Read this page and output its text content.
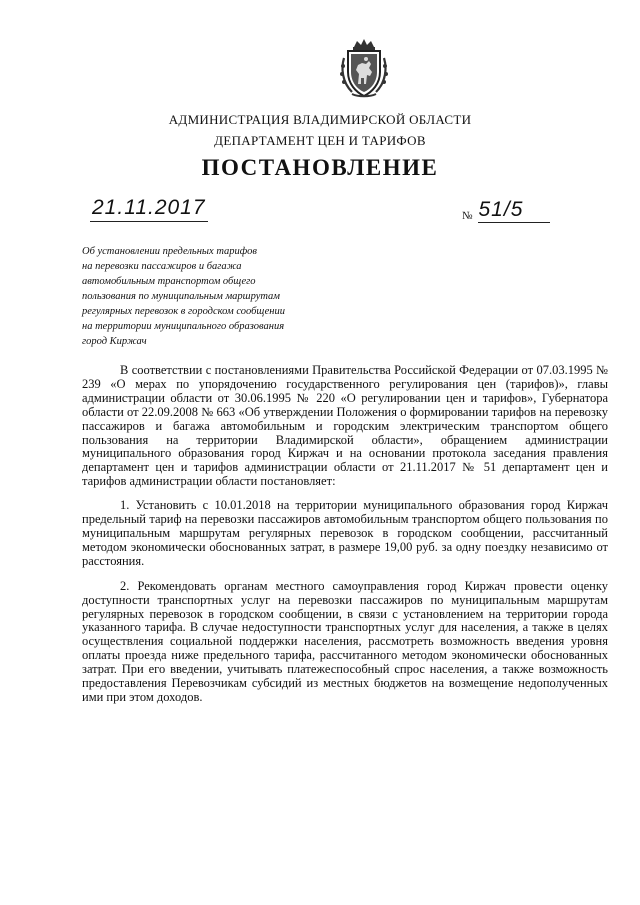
АДМИНИСТРАЦИЯ ВЛАДИМИРСКОЙ ОБЛАСТИ
ДЕПАРТАМЕНТ ЦЕН И ТАРИФОВ
ПОСТАНОВЛЕНИЕ
21.11.2017	№ 51/5
Об установлении предельных тарифов
на перевозки пассажиров и багажа
автомобильным транспортом общего
пользования по муниципальным маршрутам
регулярных перевозок в городском сообщении
на территории муниципального образования
город Киржач

В соответствии с постановлениями Правительства Российской Федерации от 07.03.1995 № 239 «О мерах по упорядочению государственного регулирования цен (тарифов)», главы администрации области от 30.06.1995 № 220 «О регулировании цен и тарифов», Губернатора области от 22.09.2008 № 663 «Об утверждении Положения о формировании тарифов на перевозку пассажиров и багажа автомобильным и городским электрическим транспортом общего пользования на территории Владимирской области», обращением администрации муниципального образования город Киржач и на основании протокола заседания правления департамент цен и тарифов администрации области от 21.11.2017 № 51 департамент цен и тарифов администрации области постановляет:

1. Установить с 10.01.2018 на территории муниципального образования город Киржач предельный тариф на перевозки пассажиров автомобильным транспортом общего пользования по муниципальным маршрутам регулярных перевозок в городском сообщении, рассчитанный методом экономически обоснованных затрат, в размере 19,00 руб. за одну поездку независимо от расстояния.

2. Рекомендовать органам местного самоуправления город Киржач провести оценку доступности транспортных услуг на перевозки пассажиров по муниципальным маршрутам регулярных перевозок в городском сообщении, в связи с установлением на территории города указанного тарифа. В случае недоступности транспортных услуг для населения, а также в целях осуществления социальной поддержки населения, рассмотреть возможность введения уровня оплаты проезда ниже предельного тарифа, рассчитанного методом экономически обоснованных затрат. При его введении, учитывать платежеспособный спрос населения, а также возможность предоставления Перевозчикам субсидий из местных бюджетов на возмещение недополученных ими при этом доходов.
